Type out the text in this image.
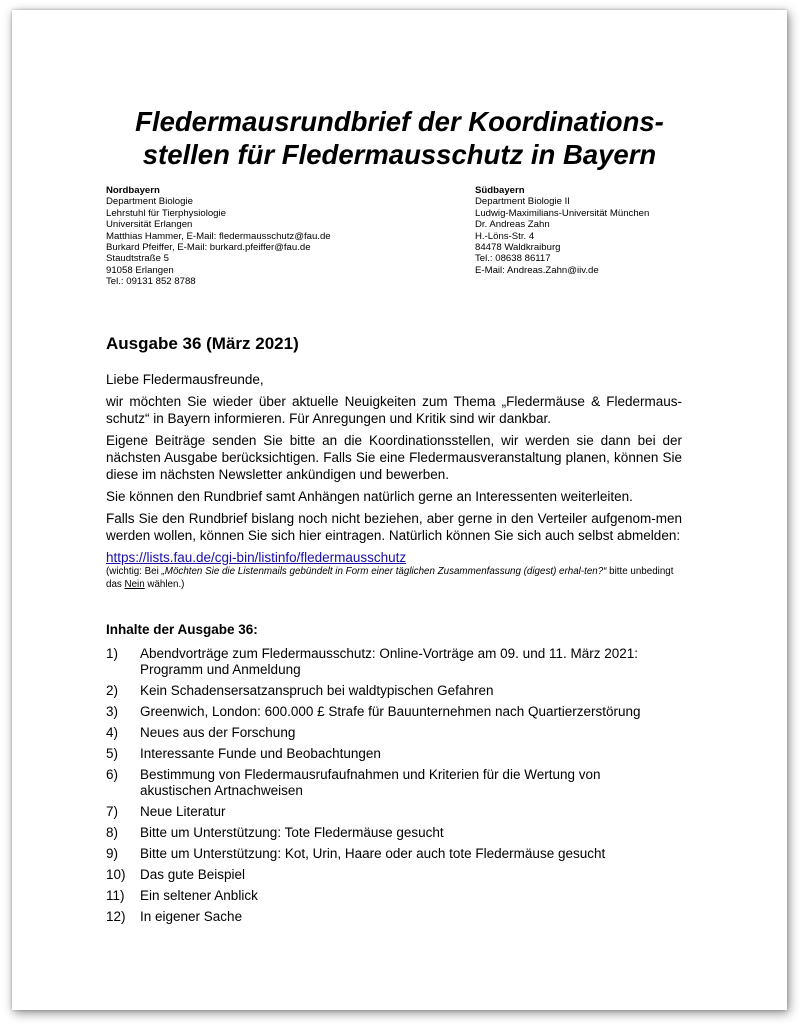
Fledermausrundbrief der Koordinations-
stellen für Fledermausschutz in Bayern
Nordbayern
Department Biologie
Lehrstuhl für Tierphysiologie
Universität Erlangen
Matthias Hammer, E-Mail: fledermausschutz@fau.de
Burkard Pfeiffer, E-Mail: burkard.pfeiffer@fau.de
Staudtstraße 5
91058 Erlangen
Tel.: 09131 852 8788
Südbayern
Department Biologie II
Ludwig-Maximilians-Universität München
Dr. Andreas Zahn
H.-Löns-Str. 4
84478 Waldkraiburg
Tel.: 08638 86117
E-Mail: Andreas.Zahn@iiv.de
Ausgabe 36 (März 2021)

Liebe Fledermausfreunde,

wir möchten Sie wieder über aktuelle Neuigkeiten zum Thema „Fledermäuse & Fledermaus-schutz“ in Bayern informieren. Für Anregungen und Kritik sind wir dankbar.

Eigene Beiträge senden Sie bitte an die Koordinationsstellen, wir werden sie dann bei der nächsten Ausgabe berücksichtigen. Falls Sie eine Fledermausveranstaltung planen, können Sie diese im nächsten Newsletter ankündigen und bewerben.

Sie können den Rundbrief samt Anhängen natürlich gerne an Interessenten weiterleiten.

Falls Sie den Rundbrief bislang noch nicht beziehen, aber gerne in den Verteiler aufgenom-men werden wollen, können Sie sich hier eintragen. Natürlich können Sie sich auch selbst abmelden:

https://lists.fau.de/cgi-bin/listinfo/fledermausschutz

(wichtig: Bei „Möchten Sie die Listenmails gebündelt in Form einer täglichen Zusammenfassung (digest) erhal-ten?“ bitte unbedingt das Nein wählen.)

Inhalte der Ausgabe 36:
1)	Abendvorträge zum Fledermausschutz: Online-Vorträge am 09. und 11. März 2021: Programm und Anmeldung
2)	Kein Schadensersatzanspruch bei waldtypischen Gefahren
3)	Greenwich, London: 600.000 £ Strafe für Bauunternehmen nach Quartierzerstörung
4)	Neues aus der Forschung
5)	Interessante Funde und Beobachtungen
6)	Bestimmung von Fledermausrufaufnahmen und Kriterien für die Wertung von akustischen Artnachweisen
7)	Neue Literatur
8)	Bitte um Unterstützung: Tote Fledermäuse gesucht
9)	Bitte um Unterstützung: Kot, Urin, Haare oder auch tote Fledermäuse gesucht
10)	Das gute Beispiel
11)	Ein seltener Anblick
12)	In eigener Sache
